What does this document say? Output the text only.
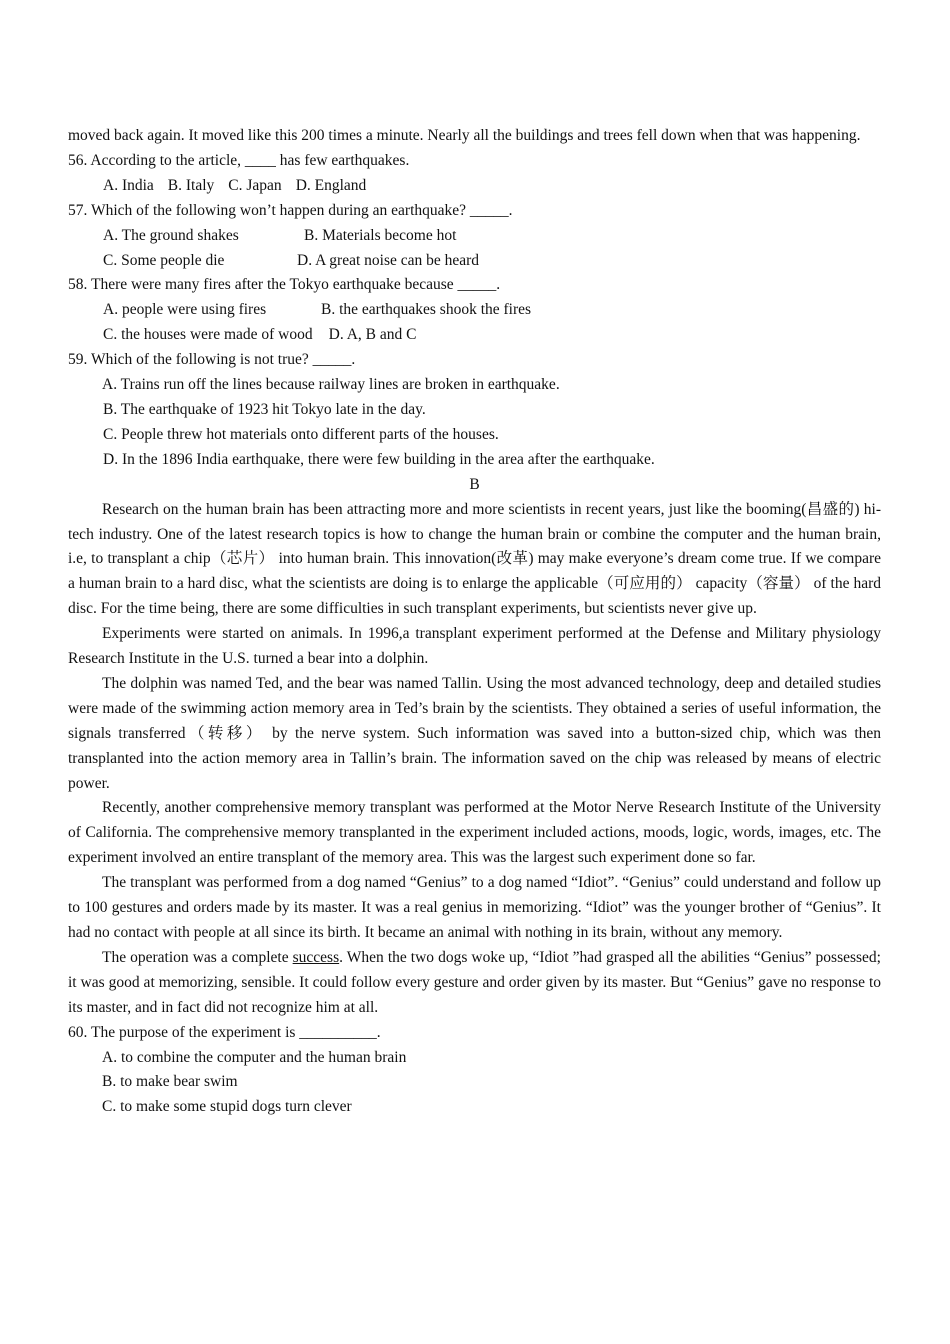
moved back again. It moved like this 200 times a minute. Nearly all the buildings and trees fell down when that was happening.
56. According to the article, ____ has few earthquakes.
A. India B. Italy C. Japan D. England
57. Which of the following won’t happen during an earthquake? _____.
A. The ground shakes	B. Materials become hot
C. Some people die	D. A great noise can be heard
58. There were many fires after the Tokyo earthquake because _____.
A. people were using fires	B. the earthquakes shook the fires
C. the houses were made of wood D. A, B and C
59. Which of the following is not true? _____.
A. Trains run off the lines because railway lines are broken in earthquake.
B. The earthquake of 1923 hit Tokyo late in the day.
C. People threw hot materials onto different parts of the houses.
D. In the 1896 India earthquake, there were few building in the area after the earthquake.
B
Research on the human brain has been attracting more and more scientists in recent years, just like the booming(昌盛的) hi-tech industry. One of the latest research topics is how to change the human brain or combine the computer and the human brain, i.e, to transplant a chip（芯片） into human brain. This innovation(改革) may make everyone’s dream come true. If we compare a human brain to a hard disc, what the scientists are doing is to enlarge the applicable（可应用的） capacity（容量） of the hard disc. For the time being, there are some difficulties in such transplant experiments, but scientists never give up.
Experiments were started on animals. In 1996,a transplant experiment performed at the Defense and Military physiology Research Institute in the U.S. turned a bear into a dolphin.
The dolphin was named Ted, and the bear was named Tallin. Using the most advanced technology, deep and detailed studies were made of the swimming action memory area in Ted’s brain by the scientists. They obtained a series of useful information, the signals transferred（转移） by the nerve system. Such information was saved into a button-sized chip, which was then transplanted into the action memory area in Tallin’s brain. The information saved on the chip was released by means of electric power.
Recently, another comprehensive memory transplant was performed at the Motor Nerve Research Institute of the University of California. The comprehensive memory transplanted in the experiment included actions, moods, logic, words, images, etc. The experiment involved an entire transplant of the memory area. This was the largest such experiment done so far.
The transplant was performed from a dog named “Genius” to a dog named “Idiot”. “Genius” could understand and follow up to 100 gestures and orders made by its master. It was a real genius in memorizing. “Idiot” was the younger brother of “Genius”. It had no contact with people at all since its birth. It became an animal with nothing in its brain, without any memory.
The operation was a complete success. When the two dogs woke up, “Idiot ”had grasped all the abilities “Genius” possessed; it was good at memorizing, sensible. It could follow every gesture and order given by its master. But “Genius” gave no response to its master, and in fact did not recognize him at all.
60. The purpose of the experiment is __________.
A. to combine the computer and the human brain
B. to make bear swim
C. to make some stupid dogs turn clever
